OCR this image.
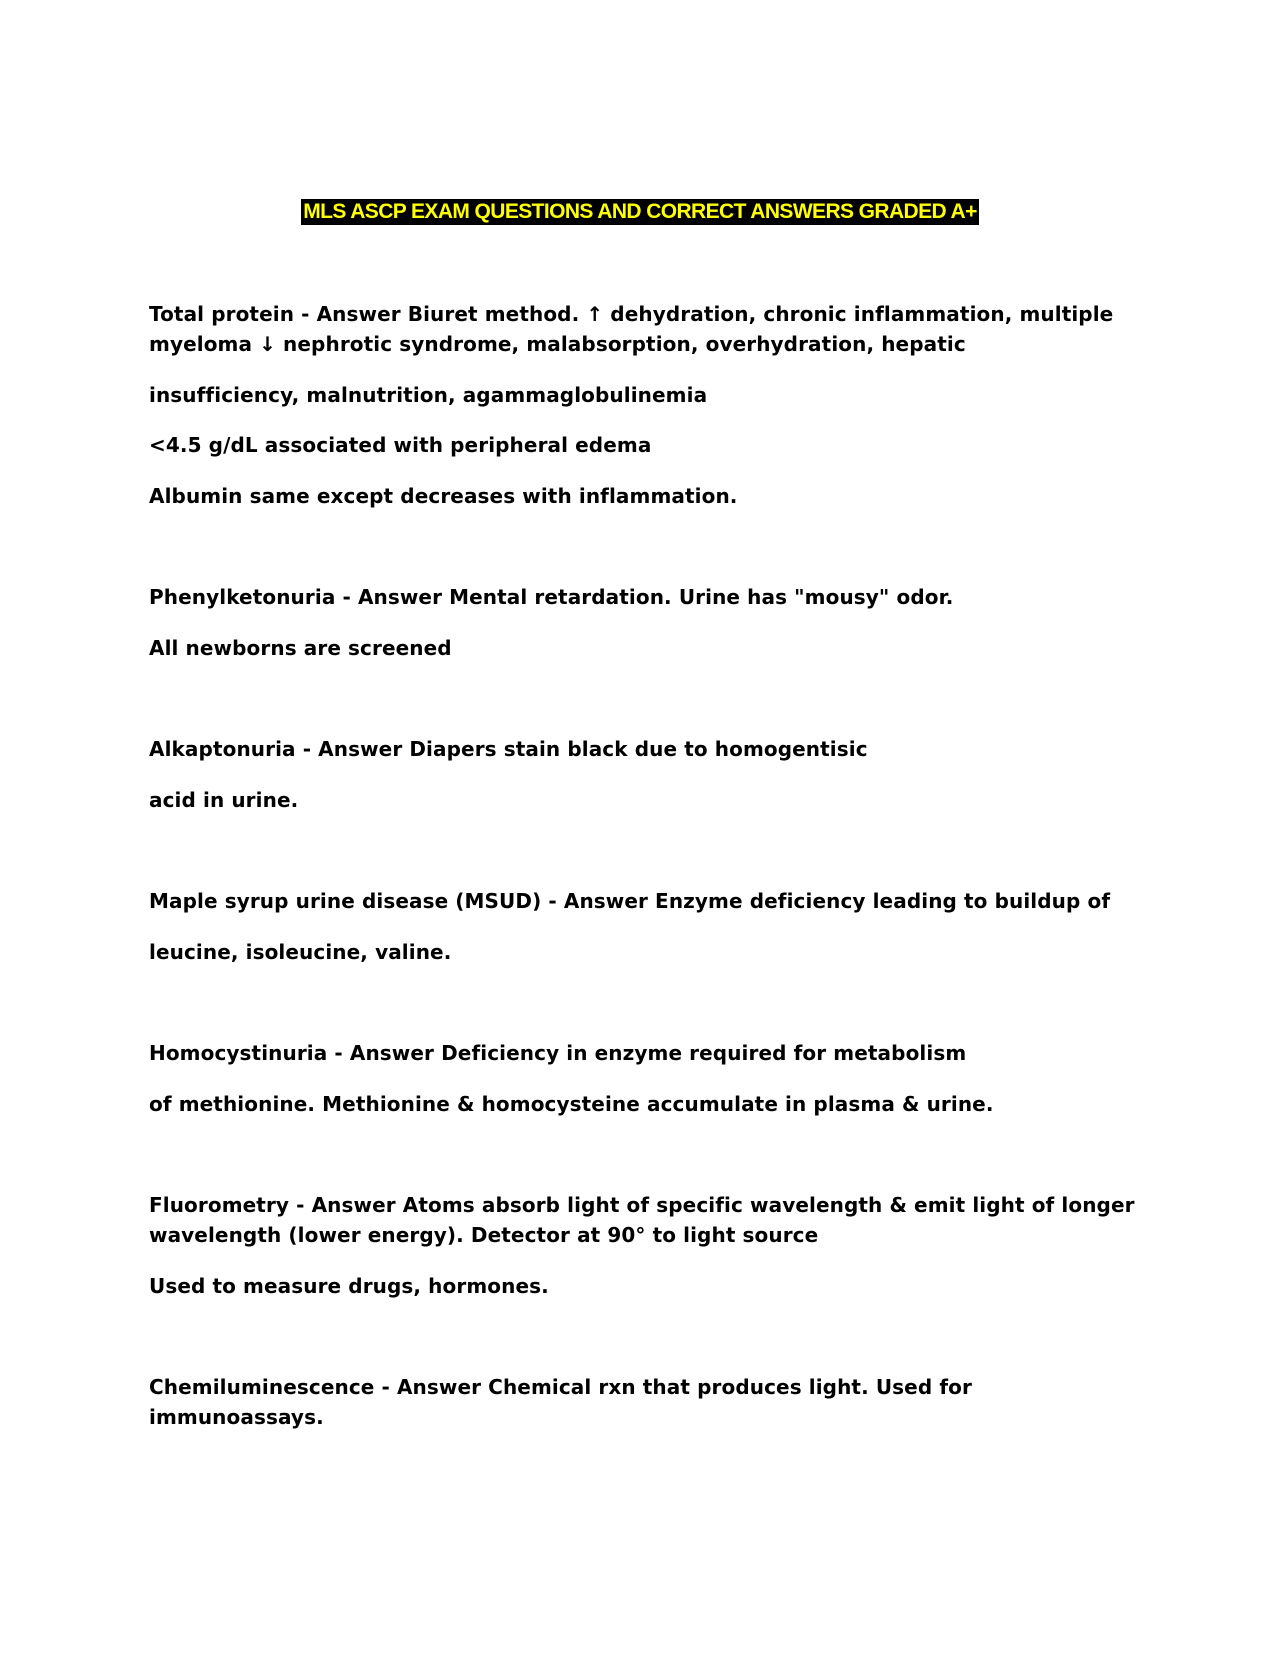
MLS ASCP EXAM QUESTIONS AND CORRECT ANSWERS GRADED A+

Total protein - Answer Biuret method. ↑ dehydration, chronic inflammation, multiple

myeloma ↓ nephrotic syndrome, malabsorption, overhydration, hepatic

insufficiency, malnutrition, agammaglobulinemia

<4.5 g/dL associated with peripheral edema

Albumin same except decreases with inflammation.

Phenylketonuria - Answer Mental retardation. Urine has "mousy" odor.

All newborns are screened

Alkaptonuria - Answer Diapers stain black due to homogentisic

acid in urine.

Maple syrup urine disease (MSUD) - Answer Enzyme deficiency leading to buildup of

leucine, isoleucine, valine.

Homocystinuria - Answer Deficiency in enzyme required for metabolism

of methionine. Methionine & homocysteine accumulate in plasma & urine.

Fluorometry - Answer Atoms absorb light of specific wavelength & emit light of longer

wavelength (lower energy). Detector at 90° to light source

Used to measure drugs, hormones.

Chemiluminescence - Answer Chemical rxn that produces light. Used for

immunoassays.
